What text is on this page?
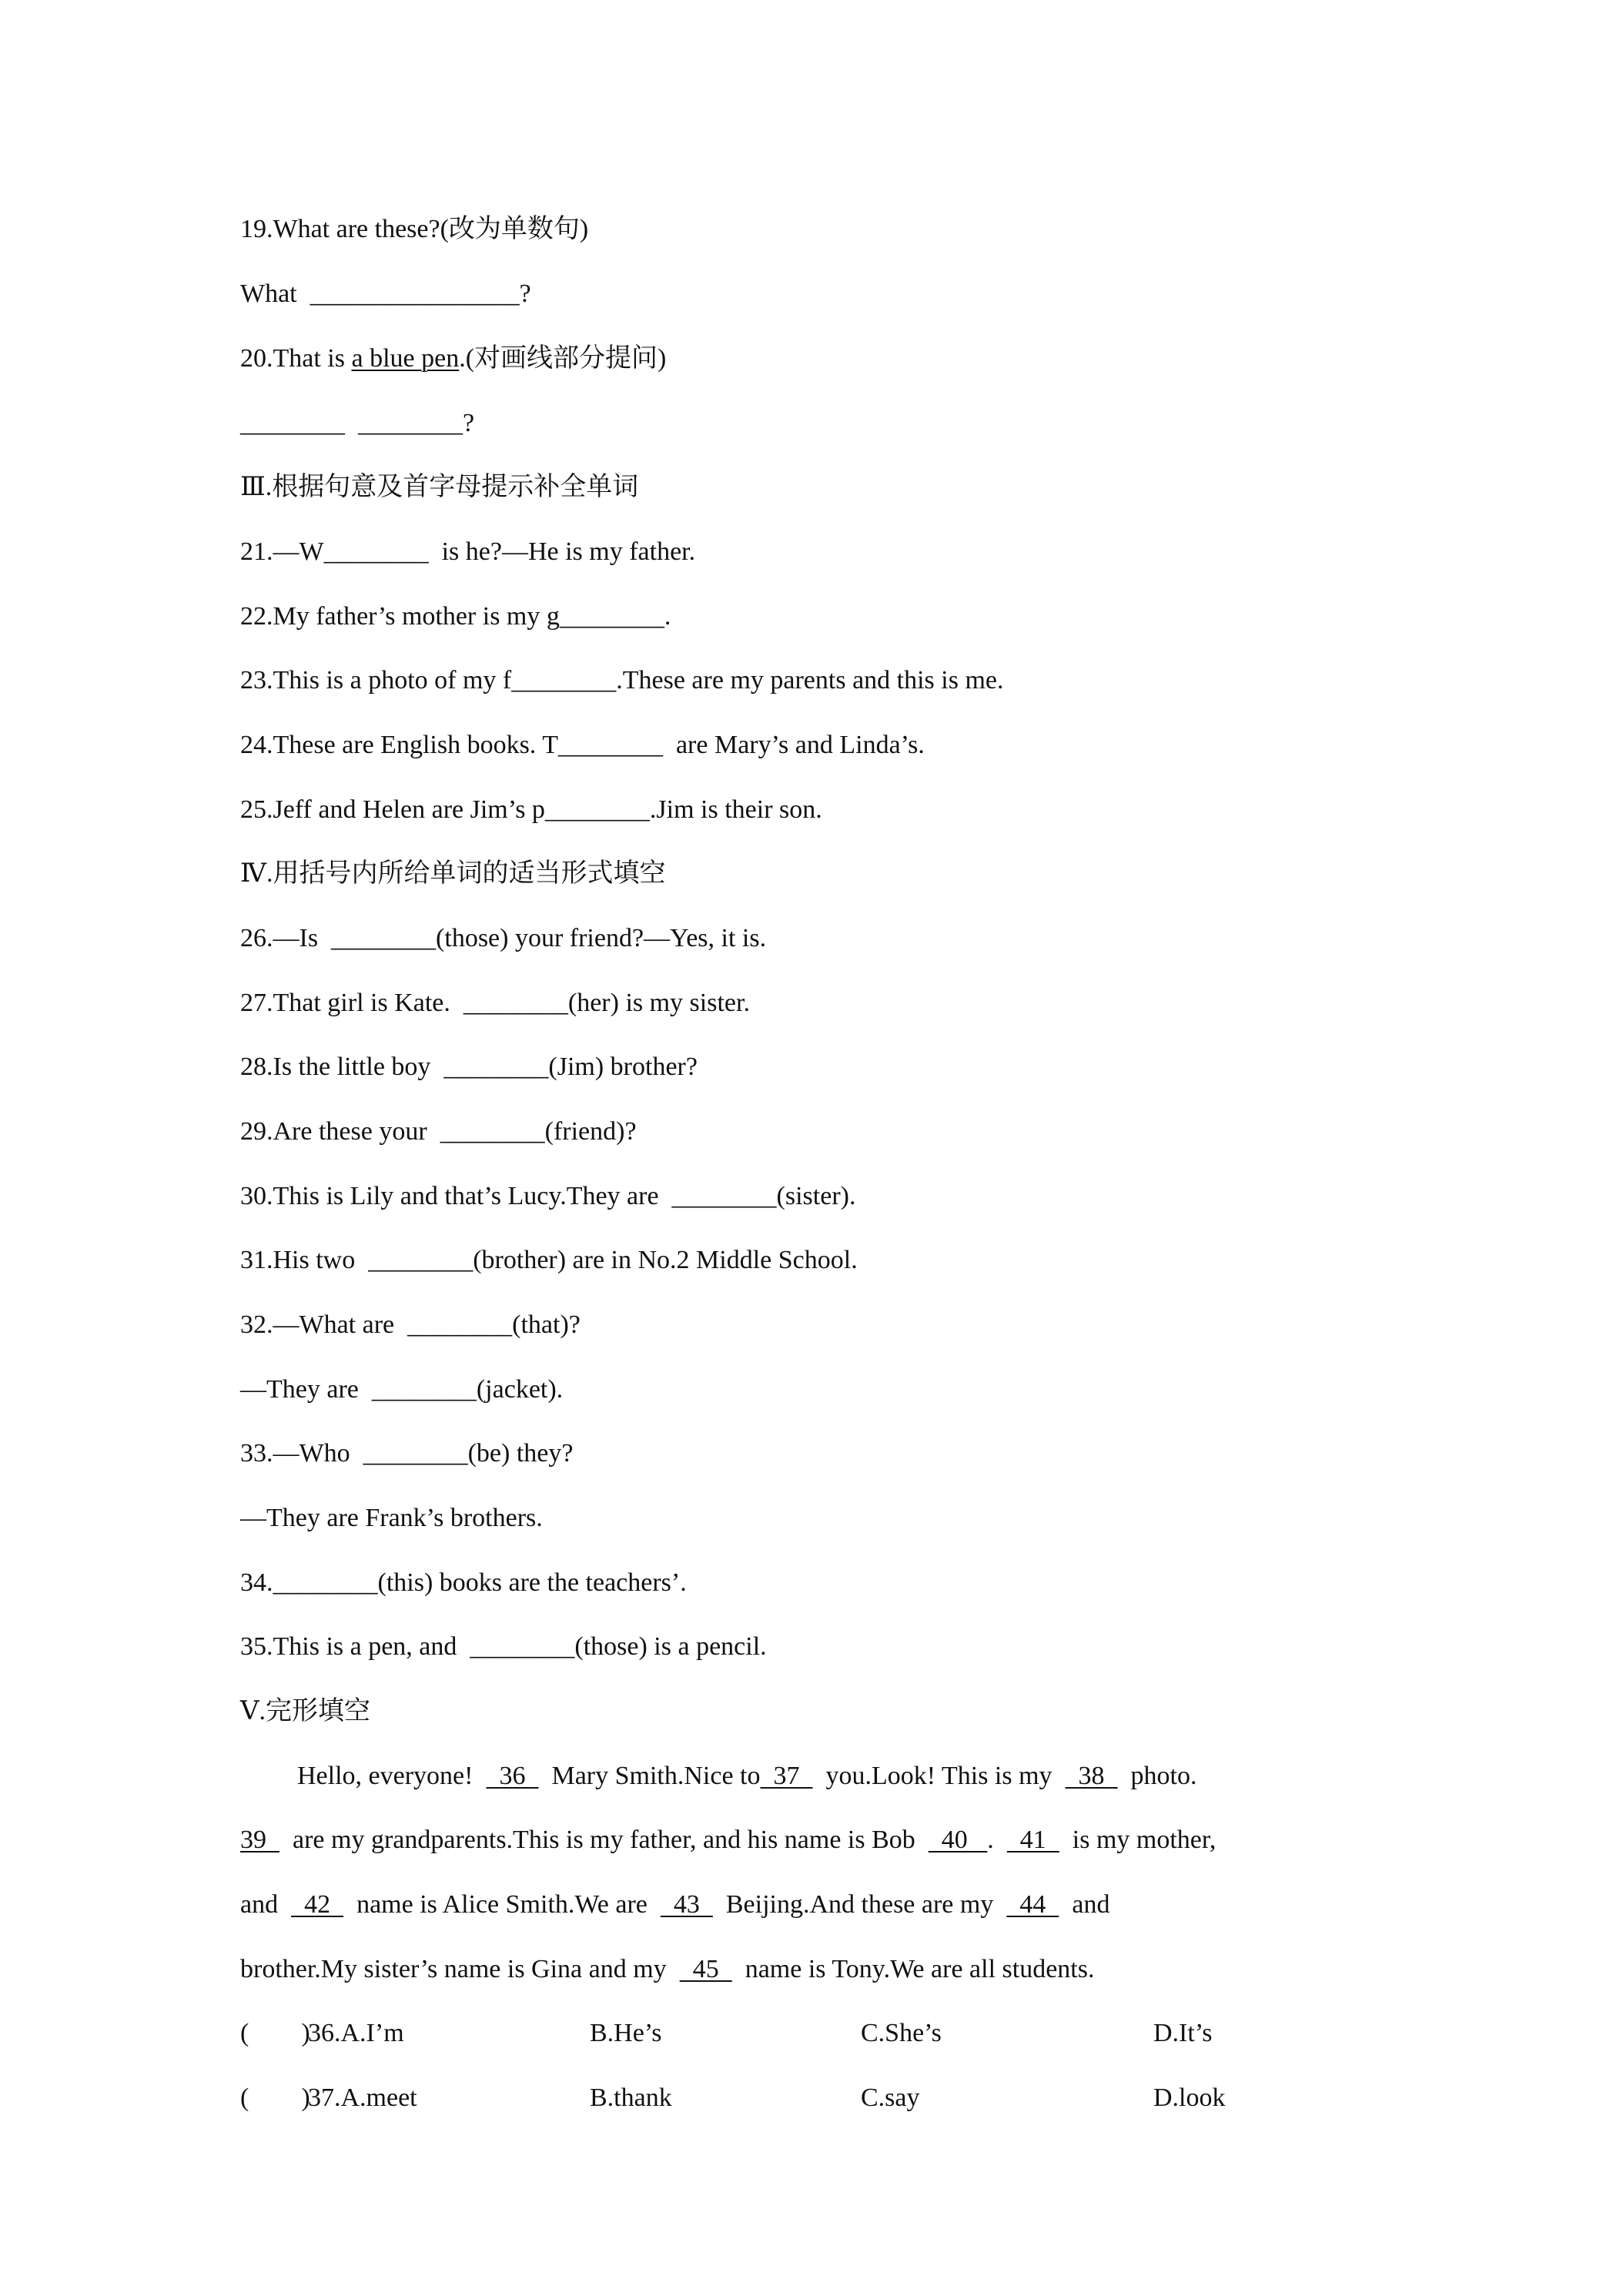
19.What are these?(改为单数句)
What  ________________?
20.That is a blue pen.(对画线部分提问)
________  ________?
Ⅲ.根据句意及首字母提示补全单词
21.—W________  is he?—He is my father.
22.My father’s mother is my g________.
23.This is a photo of my f________.These are my parents and this is me.
24.These are English books. T________  are Mary’s and Linda’s.
25.Jeff and Helen are Jim’s p________.Jim is their son.
Ⅳ.用括号内所给单词的适当形式填空
26.—Is  ________(those) your friend?—Yes, it is.
27.That girl is Kate.  ________(her) is my sister.
28.Is the little boy  ________(Jim) brother?
29.Are these your  ________(friend)?
30.This is Lily and that’s Lucy.They are  ________(sister).
31.His two  ________(brother) are in No.2 Middle School.
32.—What are  ________(that)?
—They are  ________(jacket).
33.—Who  ________(be) they?
—They are Frank’s brothers.
34.________(this) books are the teachers’.
35.This is a pen, and  ________(those) is a pencil.
Ⅴ.完形填空
Hello, everyone!    36    Mary Smith.Nice to  37    you.Look! This is my    38    photo.
39    are my grandparents.This is my father, and his name is Bob    40   .    41    is my mother,
and    42    name is Alice Smith.We are    43    Beijing.And these are my    44    and
brother.My sister’s name is Gina and my    45    name is Tony.We are all students.
(        )
36.A.I’m	B.He’s	C.She’s	D.It’s
(        )
37.A.meet	B.thank	C.say	D.look
